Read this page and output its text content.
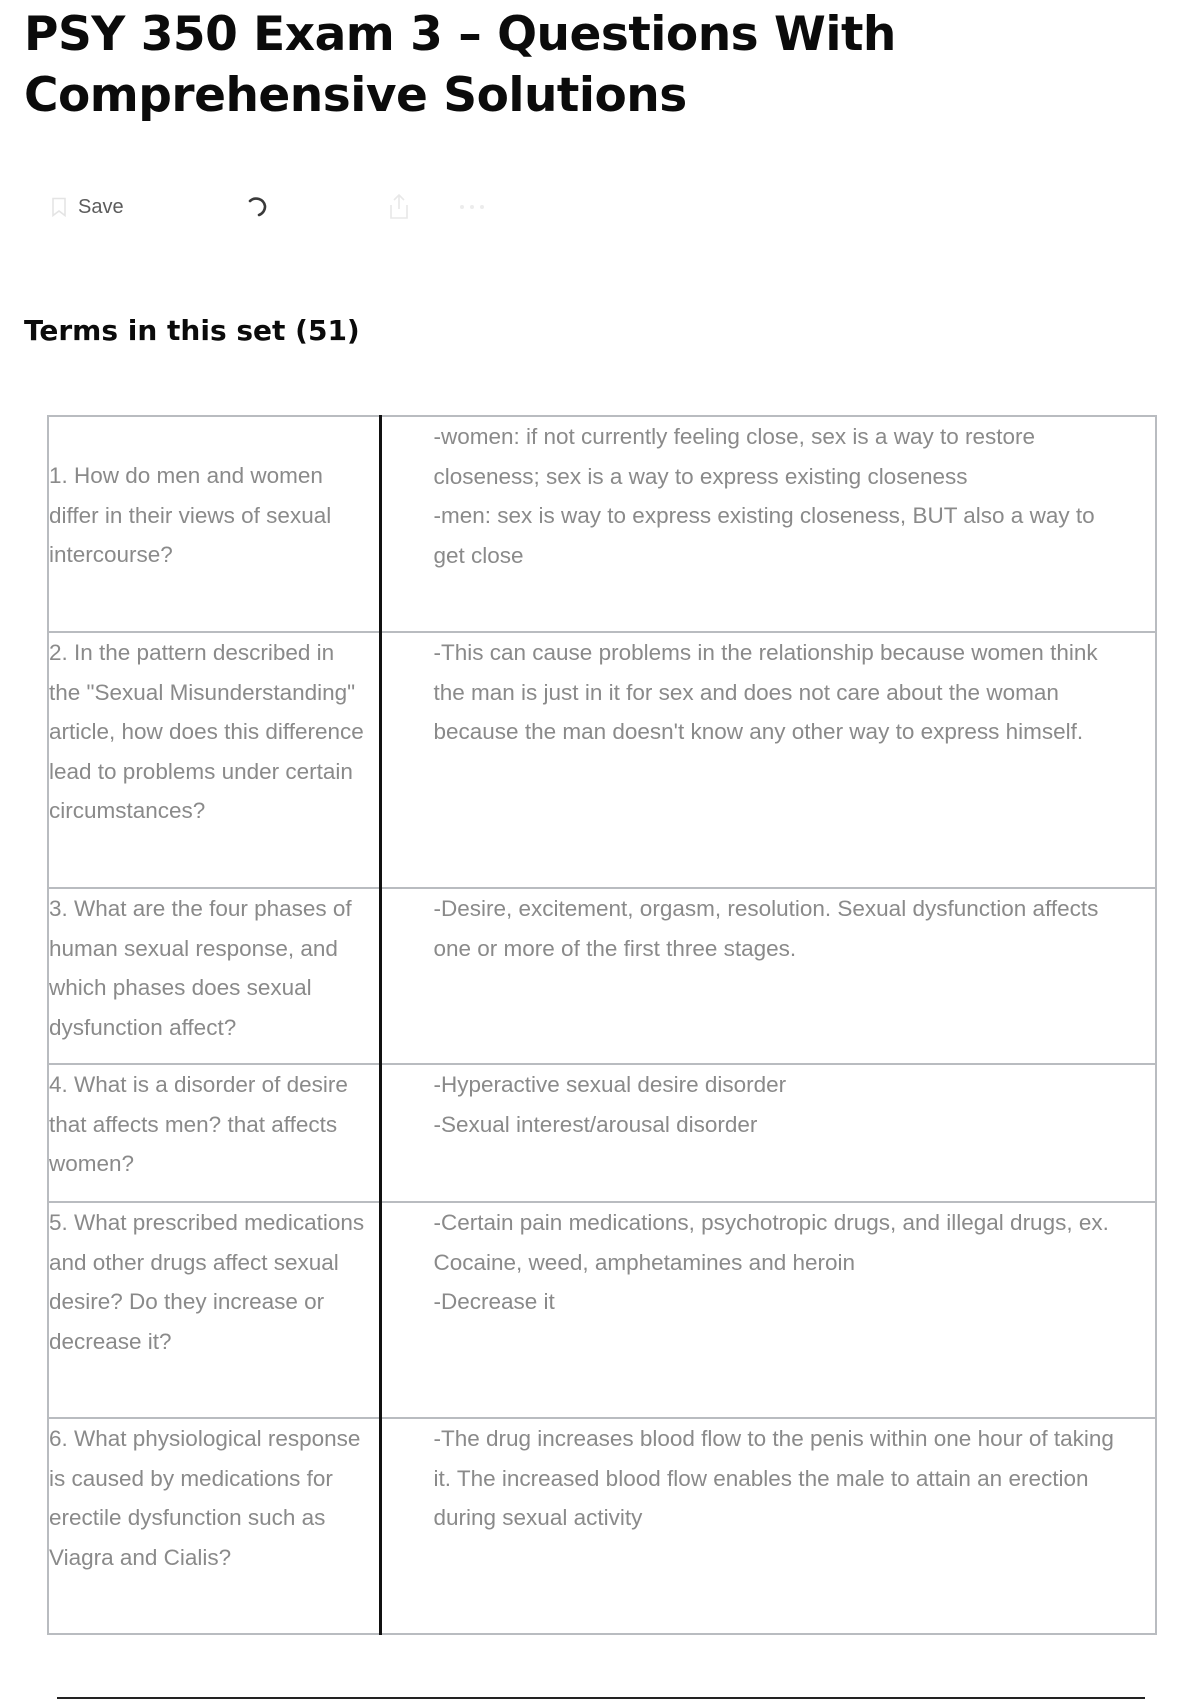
PSY 350 Exam 3 – Questions With Comprehensive Solutions
Save
Terms in this set (51)
1. How do men and women differ in their views of sexual intercourse?	-women: if not currently feeling close, sex is a way to restore closeness; sex is a way to express existing closeness
-men: sex is way to express existing closeness, BUT also a way to get close

2. In the pattern described in the "Sexual Misunderstanding" article, how does this difference lead to problems under certain circumstances?	-This can cause problems in the relationship because women think the man is just in it for sex and does not care about the woman because the man doesn't know any other way to express himself.

3. What are the four phases of human sexual response, and which phases does sexual dysfunction affect?	-Desire, excitement, orgasm, resolution. Sexual dysfunction affects one or more of the first three stages.

4. What is a disorder of desire that affects men? that affects women?	-Hyperactive sexual desire disorder
-Sexual interest/arousal disorder

5. What prescribed medications and other drugs affect sexual desire? Do they increase or decrease it?	-Certain pain medications, psychotropic drugs, and illegal drugs, ex. Cocaine, weed, amphetamines and heroin
-Decrease it

6. What physiological response is caused by medications for erectile dysfunction such as Viagra and Cialis?	-The drug increases blood flow to the penis within one hour of taking it. The increased blood flow enables the male to attain an erection during sexual activity
